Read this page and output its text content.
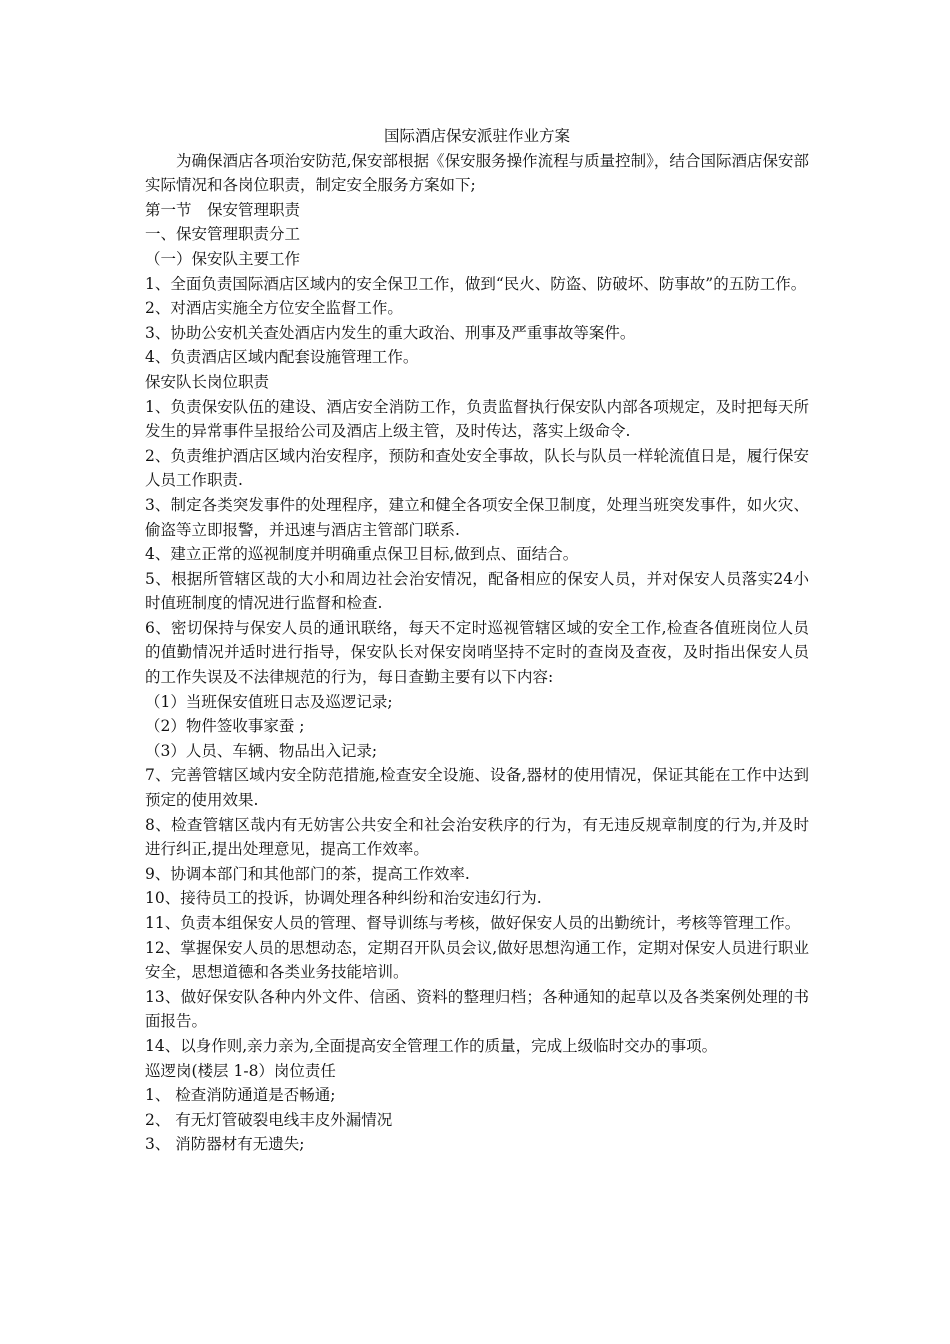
国际酒店保安派驻作业方案

为确保酒店各项治安防范,保安部根据《保安服务操作流程与质量控制》，结合国际酒店保安部实际情况和各岗位职责，制定安全服务方案如下;

第一节　保安管理职责

一、保安管理职责分工

（一）保安队主要工作

1、全面负责国际酒店区域内的安全保卫工作，做到“民火、防盗、防破坏、防事故”的五防工作。

2、对酒店实施全方位安全监督工作。

3、协助公安机关查处酒店内发生的重大政治、刑事及严重事故等案件。

4、负责酒店区域内配套设施管理工作。

保安队长岗位职责

1、负责保安队伍的建设、酒店安全消防工作，负责监督执行保安队内部各项规定，及时把每天所发生的异常事件呈报给公司及酒店上级主管，及时传达，落实上级命令.

2、负责维护酒店区域内治安程序，预防和查处安全事故，队长与队员一样轮流值日是，履行保安人员工作职责.

3、制定各类突发事件的处理程序，建立和健全各项安全保卫制度，处理当班突发事件，如火灾、偷盗等立即报警，并迅速与酒店主管部门联系.

4、建立正常的巡视制度并明确重点保卫目标,做到点、面结合。

5、根据所管辖区哉的大小和周边社会治安情况，配备相应的保安人员，并对保安人员落实24小时值班制度的情况进行监督和检查.

6、密切保持与保安人员的通讯联络，每天不定时巡视管辖区域的安全工作,检查各值班岗位人员的值勤情况并适时进行指导，保安队长对保安岗哨坚持不定时的查岗及查夜，及时指出保安人员的工作失误及不法律规范的行为，每日查勤主要有以下内容:

（1）当班保安值班日志及巡逻记录;

（2）物件签收事家蚕 ;

（3）人员、车辆、物品出入记录;

7、完善管辖区域内安全防范措施,检查安全设施、设备,器材的使用情况，保证其能在工作中达到预定的使用效果.

8、检查管辖区哉内有无妨害公共安全和社会治安秩序的行为，有无违反规章制度的行为,并及时进行纠正,提出处理意见，提高工作效率。

9、协调本部门和其他部门的茶，提高工作效率.

10、接待员工的投诉，协调处理各种纠纷和治安违幻行为.

11、负责本组保安人员的管理、督导训练与考核，做好保安人员的出勤统计，考核等管理工作。

12、掌握保安人员的思想动态，定期召开队员会议,做好思想沟通工作，定期对保安人员进行职业安全，思想道德和各类业务技能培训。

13、做好保安队各种内外文件、信函、资料的整理归档；各种通知的起草以及各类案例处理的书面报告。

14、以身作则,亲力亲为,全面提高安全管理工作的质量，完成上级临时交办的事项。

巡逻岗(楼层 1-8）岗位责任

1、 检查消防通道是否畅通;

2、 有无灯管破裂电线丰皮外漏情况

3、 消防器材有无遗失;
